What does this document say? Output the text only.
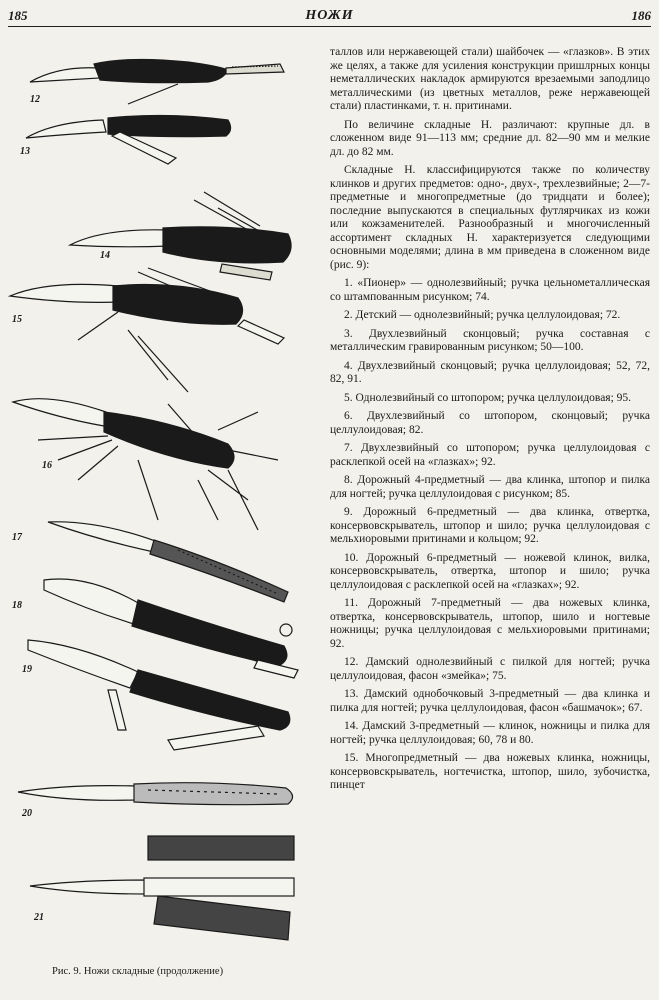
185	НОЖИ	186
12
13
14
15
16
17
18
19
20
21
Рис. 9. Ножи складные (продолжение)

таллов или нержавеющей стали) шайбочек — «глазков». В этих же целях, а также для усиления конструкции пришлрных концы неметаллических накладок армируются врезаемыми заподлицо металлическими (из цветных металлов, реже нержавеющей стали) пластинками, т. н. притинами.

По величине складные Н. различают: крупные дл. в сложенном виде 91—113 мм; средние дл. 82—90 мм и мелкие дл. до 82 мм.

Складные Н. классифицируются также по количеству клинков и других предметов: одно-, двух-, трехлезвийные; 2—7-предметные и многопредметные (до тридцати и более); последние выпускаются в специальных футлярчиках из кожи или кожзаменителей. Разнообразный и многочисленный ассортимент складных Н. характеризуется следующими основными моделями; длина в мм приведена в сложенном виде (рис. 9):

1. «Пионер» — однолезвийный; ручка цельнометаллическая со штампованным рисунком; 74.

2. Детский — однолезвийный; ручка целлулоидовая; 72.

3. Двухлезвийный сконцовый; ручка составная с металлическим гравированным рисунком; 50—100.

4. Двухлезвийный сконцовый; ручка целлулоидовая; 52, 72, 82, 91.

5. Однолезвийный со штопором; ручка целлулоидовая; 95.

6. Двухлезвийный со штопором, сконцовый; ручка целлулоидовая; 82.

7. Двухлезвийный со штопором; ручка целлулоидовая с расклепкой осей на «глазках»; 92.

8. Дорожный 4-предметный — два клинка, штопор и пилка для ногтей; ручка целлулоидовая с рисунком; 85.

9. Дорожный 6-предметный — два клинка, отвертка, консервовскрыватель, штопор и шило; ручка целлулоидовая с мельхиоровыми притинами и кольцом; 92.

10. Дорожный 6-предметный — ножевой клинок, вилка, консервовскрыватель, отвертка, штопор и шило; ручка целлулоидовая с расклепкой осей на «глазках»; 92.

11. Дорожный 7-предметный — два ножевых клинка, отвертка, консервовскрыватель, штопор, шило и ногтевые ножницы; ручка целлулоидовая с мельхиоровыми притинами; 92.

12. Дамский однолезвийный с пилкой для ногтей; ручка целлулоидовая, фасон «змейка»; 75.

13. Дамский однобочковый 3-предметный — два клинка и пилка для ногтей; ручка целлулоидовая, фасон «башмачок»; 67.

14. Дамский 3-предметный — клинок, ножницы и пилка для ногтей; ручка целлулоидовая; 60, 78 и 80.

15. Многопредметный — два ножевых клинка, ножницы, консервовскрыватель, ногтечистка, штопор, шило, зубочистка, пинцет
